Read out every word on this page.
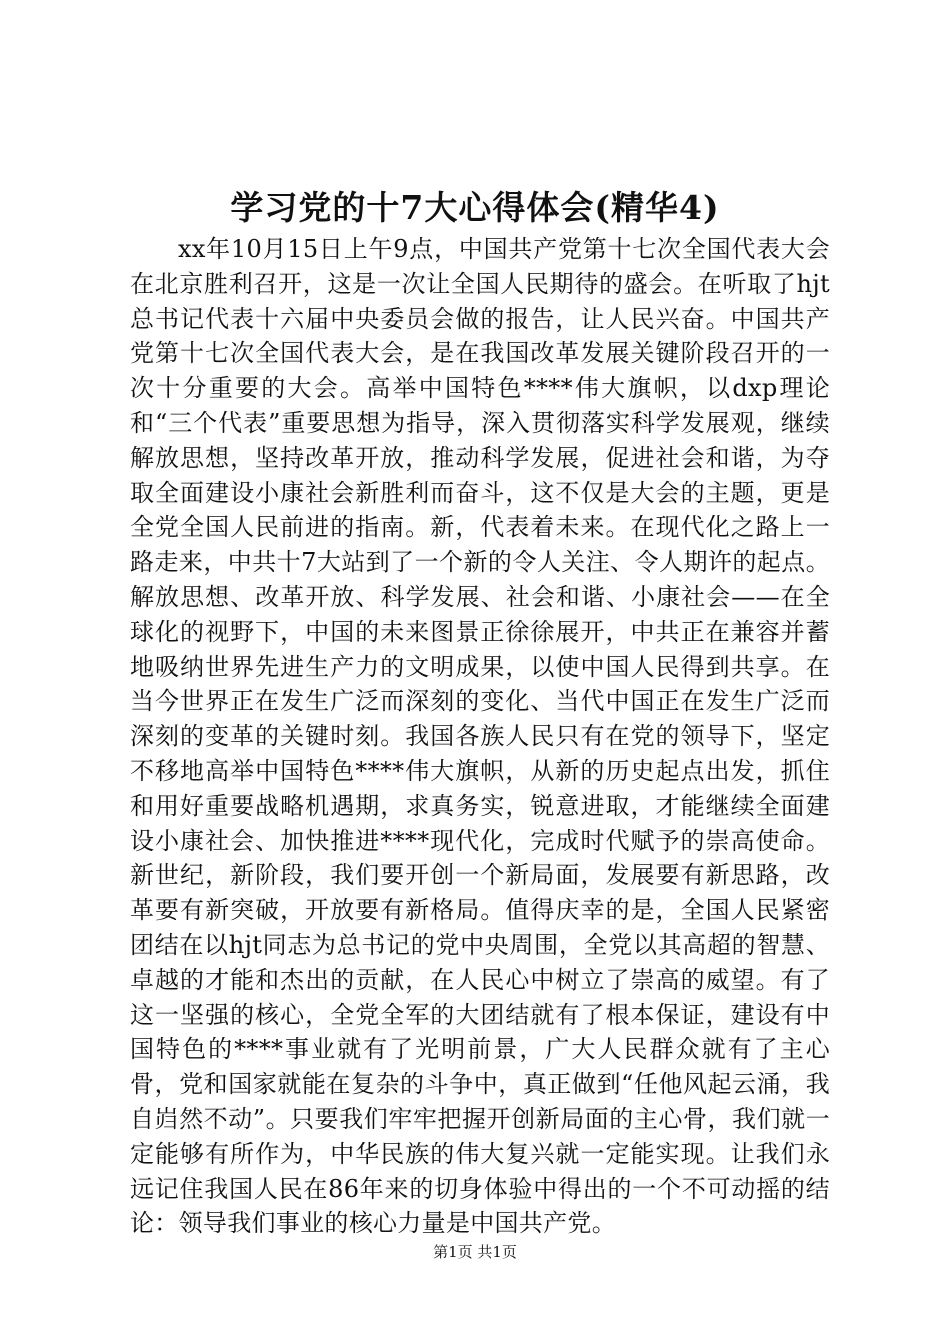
学习党的十7大心得体会(精华4)

xx年10月15日上午9点，中国共产党第十七次全国代表大会在北京胜利召开，这是一次让全国人民期待的盛会。在听取了hjt总书记代表十六届中央委员会做的报告，让人民兴奋。中国共产党第十七次全国代表大会，是在我国改革发展关键阶段召开的一次十分重要的大会。高举中国特色****伟大旗帜，以dxp理论和“三个代表”重要思想为指导，深入贯彻落实科学发展观，继续解放思想，坚持改革开放，推动科学发展，促进社会和谐，为夺取全面建设小康社会新胜利而奋斗，这不仅是大会的主题，更是全党全国人民前进的指南。新，代表着未来。在现代化之路上一路走来，中共十7大站到了一个新的令人关注、令人期许的起点。解放思想、改革开放、科学发展、社会和谐、小康社会——在全球化的视野下，中国的未来图景正徐徐展开，中共正在兼容并蓄地吸纳世界先进生产力的文明成果，以使中国人民得到共享。在当今世界正在发生广泛而深刻的变化、当代中国正在发生广泛而深刻的变革的关键时刻。我国各族人民只有在党的领导下，坚定不移地高举中国特色****伟大旗帜，从新的历史起点出发，抓住和用好重要战略机遇期，求真务实，锐意进取，才能继续全面建设小康社会、加快推进****现代化，完成时代赋予的崇高使命。新世纪，新阶段，我们要开创一个新局面，发展要有新思路，改革要有新突破，开放要有新格局。值得庆幸的是，全国人民紧密团结在以hjt同志为总书记的党中央周围，全党以其高超的智慧、卓越的才能和杰出的贡献，在人民心中树立了崇高的威望。有了这一坚强的核心，全党全军的大团结就有了根本保证，建设有中国特色的****事业就有了光明前景，广大人民群众就有了主心骨，党和国家就能在复杂的斗争中，真正做到“任他风起云涌，我自岿然不动”。只要我们牢牢把握开创新局面的主心骨，我们就一定能够有所作为，中华民族的伟大复兴就一定能实现。让我们永远记住我国人民在86年来的切身体验中得出的一个不可动摇的结论：领导我们事业的核心力量是中国共产党。

第1页 共1页
